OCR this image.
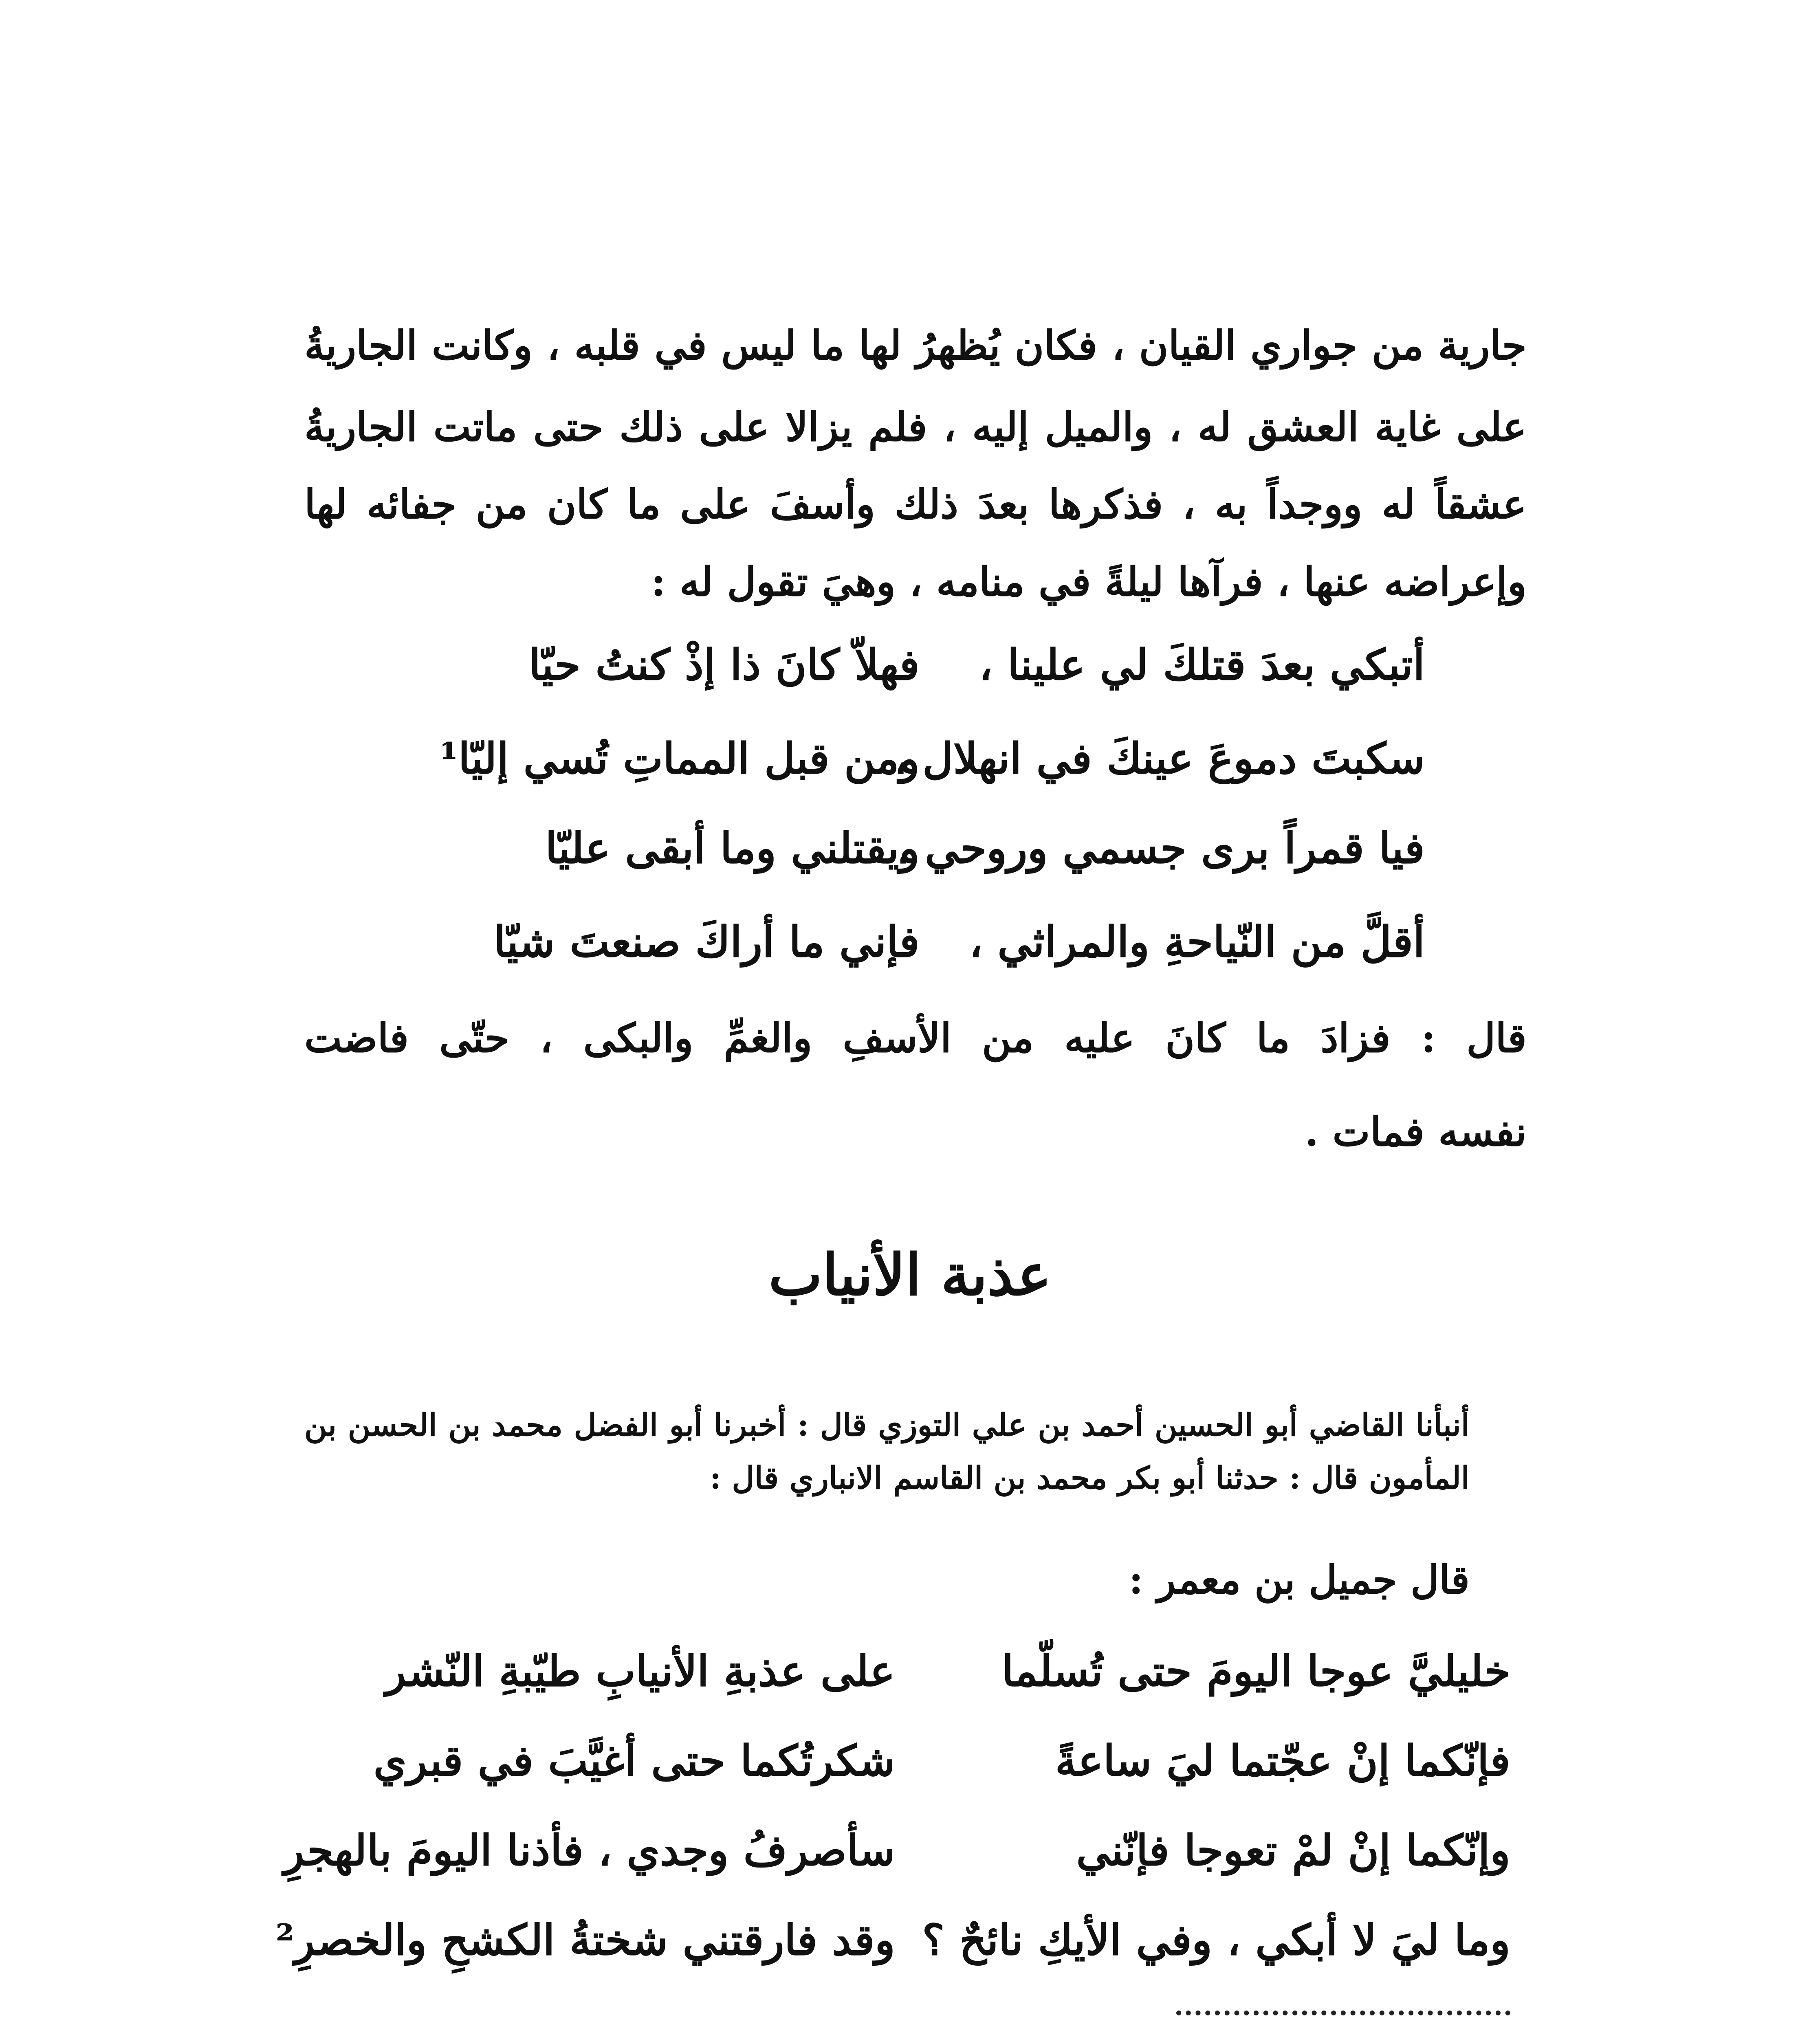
جارية من جواري القيان ، فكان يُظهرُ لها ما ليس في قلبه ، وكانت الجاريةُ
على غاية العشق له ، والميل إليه ، فلم يزالا على ذلك حتى ماتت الجاريةُ
عشقاً له ووجداً به ، فذكرها بعدَ ذلك وأسفَ على ما كان من جفائه لها
وإعراضه عنها ، فرآها ليلةً في منامه ، وهيَ تقول له :
أتبكي بعدَ قتلكَ لي علينا ،
فهلاّ كانَ ذا إذْ كنتُ حيّا
سكبتَ دموعَ عينكَ في انهلال ،
ومن قبل المماتِ تُسي إليّا¹
فيا قمراً برى جسمي وروحي ،
ويقتلني وما أبقى عليّا
أقلَّ من النّياحةِ والمراثي ،
فإني ما أراكَ صنعتَ شيّا
قال : فزادَ ما كانَ عليه من الأسفِ والغمِّ والبكى ، حتّى فاضت
نفسه فمات .
عذبة الأنياب
أنبأنا القاضي أبو الحسين أحمد بن علي التوزي قال : أخبرنا أبو الفضل محمد بن الحسن بن
المأمون قال : حدثنا أبو بكر محمد بن القاسم الانباري قال :
قال جميل بن معمر :
خليليَّ عوجا اليومَ حتى تُسلّما
على عذبةِ الأنيابِ طيّبةِ النّشر
فإنّكما إنْ عجّتما ليَ ساعةً
شكرتُكما حتى أغيَّبَ في قبري
وإنّكما إنْ لمْ تعوجا فإنّني
سأصرفُ وجدي ، فأذنا اليومَ بالهجرِ
وما ليَ لا أبكي ، وفي الأيكِ نائحٌ ؟
وقد فارقتني شختةُ الكشحِ والخصرِ²
